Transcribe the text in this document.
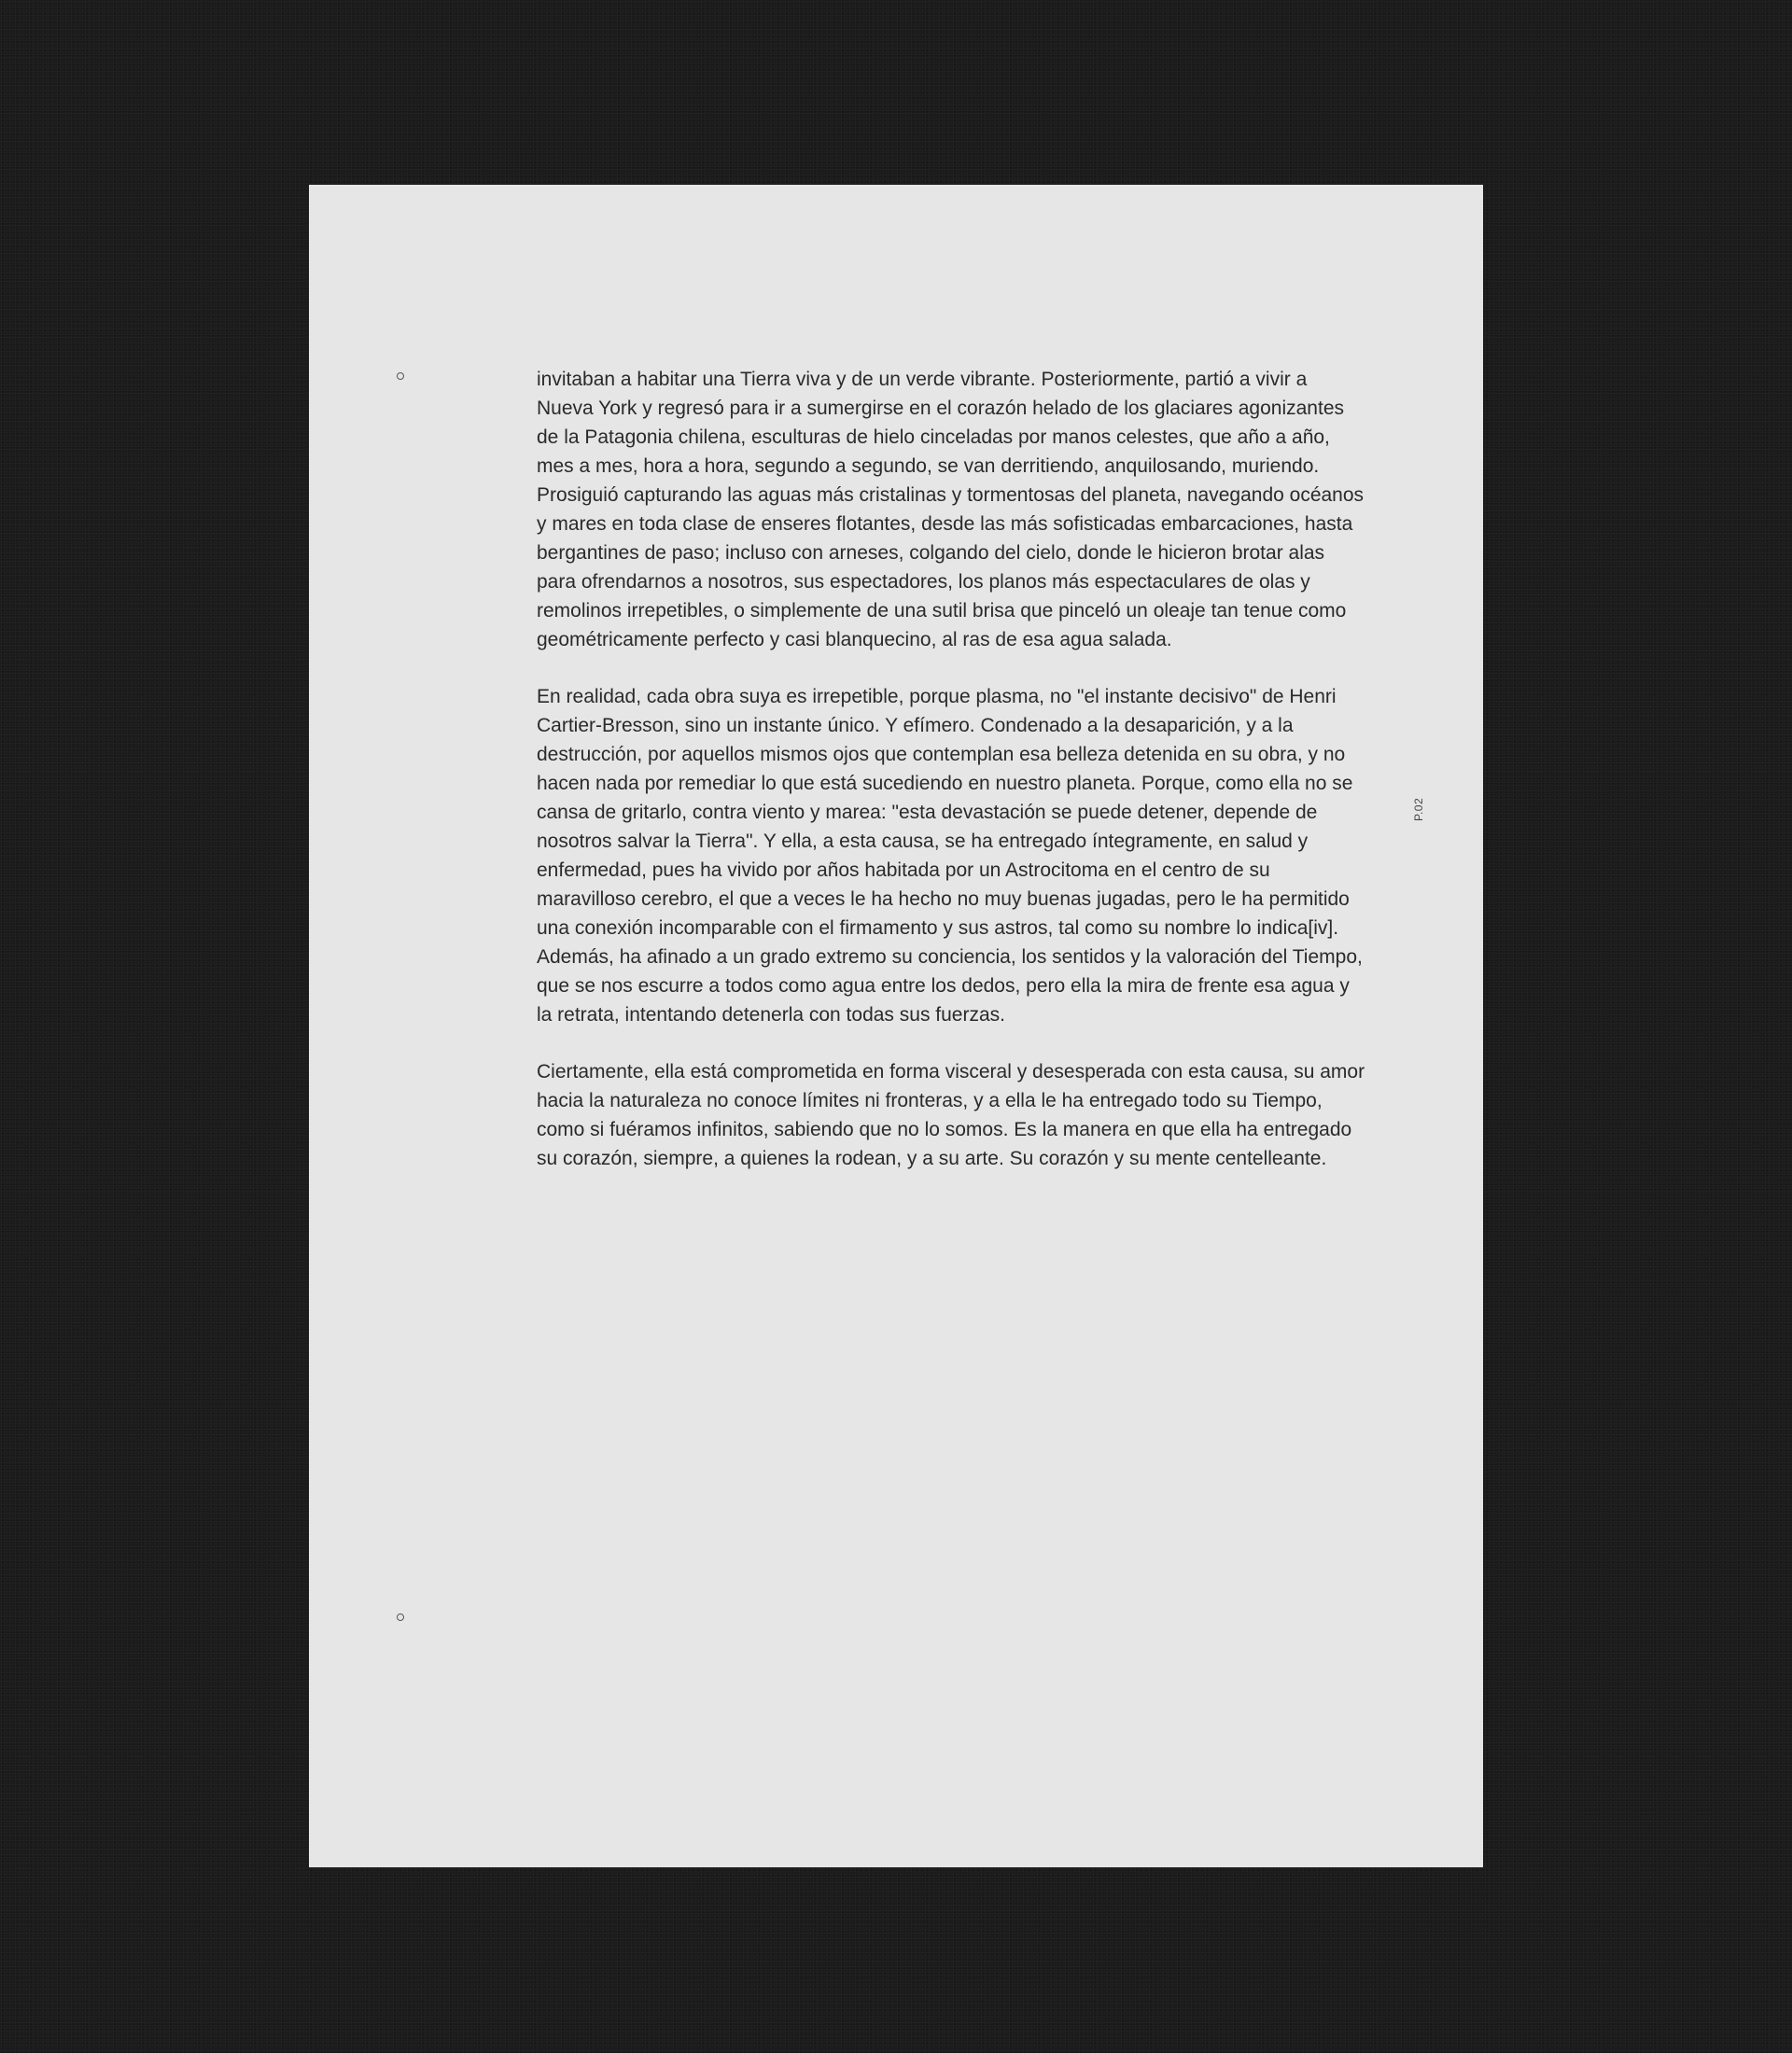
invitaban a habitar una Tierra viva y de un verde vibrante. Posteriormente, partió a vivir a Nueva York y regresó para ir a sumergirse en el corazón helado de los glaciares agonizantes de la Patagonia chilena, esculturas de hielo cinceladas por manos celestes, que año a año, mes a mes, hora a hora, segundo a segundo, se van derritiendo, anquilosando, muriendo. Prosiguió capturando las aguas más cristalinas y tormentosas del planeta, navegando océanos y mares en toda clase de enseres flotantes, desde las más sofisticadas embarcaciones, hasta bergantines de paso; incluso con arneses, colgando del cielo, donde le hicieron brotar alas para ofrendarnos a nosotros, sus espectadores, los planos más espectaculares de olas y remolinos irrepetibles, o simplemente de una sutil brisa que pinceló un oleaje tan tenue como geométricamente perfecto y casi blanquecino, al ras de esa agua salada.

En realidad, cada obra suya es irrepetible, porque plasma, no "el instante decisivo" de Henri Cartier-Bresson, sino un instante único. Y efímero. Condenado a la desaparición, y a la destrucción, por aquellos mismos ojos que contemplan esa belleza detenida en su obra, y no hacen nada por remediar lo que está sucediendo en nuestro planeta. Porque, como ella no se cansa de gritarlo, contra viento y marea: "esta devastación se puede detener, depende de nosotros salvar la Tierra". Y ella, a esta causa, se ha entregado íntegramente, en salud y enfermedad, pues ha vivido por años habitada por un Astrocitoma en el centro de su maravilloso cerebro, el que a veces le ha hecho no muy buenas jugadas, pero le ha permitido una conexión incomparable con el firmamento y sus astros, tal como su nombre lo indica[iv]. Además, ha afinado a un grado extremo su conciencia, los sentidos y la valoración del Tiempo, que se nos escurre a todos como agua entre los dedos, pero ella la mira de frente esa agua y la retrata, intentando detenerla con todas sus fuerzas.

Ciertamente, ella está comprometida en forma visceral y desesperada con esta causa, su amor hacia la naturaleza no conoce límites ni fronteras, y a ella le ha entregado todo su Tiempo, como si fuéramos infinitos, sabiendo que no lo somos. Es la manera en que ella ha entregado su corazón, siempre, a quienes la rodean, y a su arte. Su corazón y su mente centelleante.

P.02
